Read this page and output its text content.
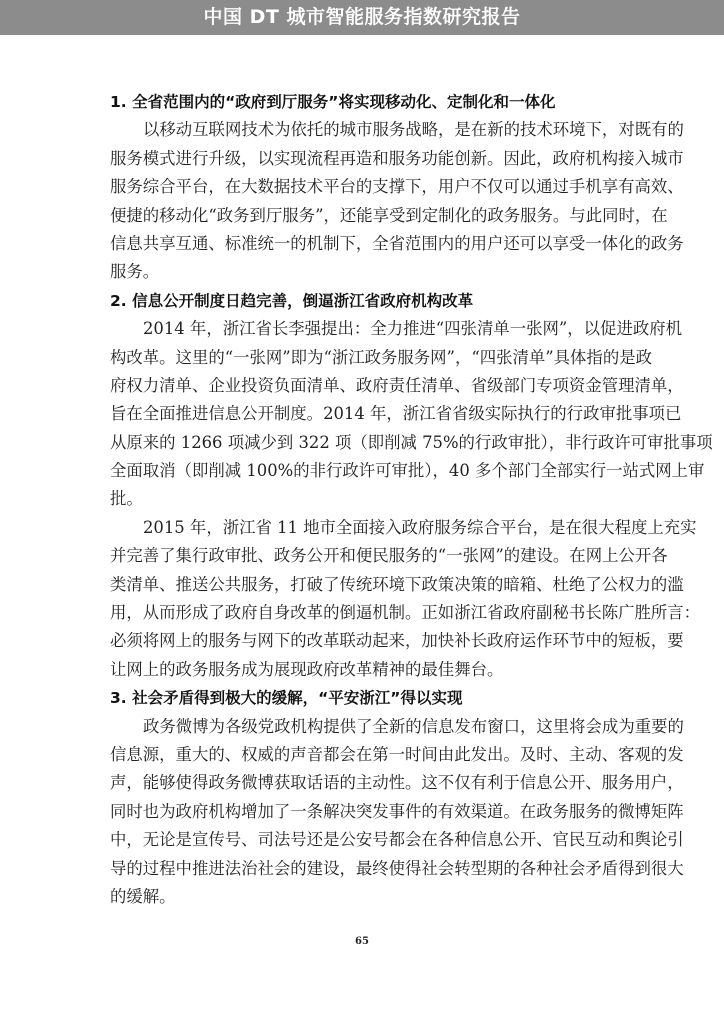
中国 DT 城市智能服务指数研究报告
1. 全省范围内的“政府到厅服务”将实现移动化、定制化和一体化
以移动互联网技术为依托的城市服务战略，是在新的技术环境下，对既有的
服务模式进行升级，以实现流程再造和服务功能创新。因此，政府机构接入城市
服务综合平台，在大数据技术平台的支撑下，用户不仅可以通过手机享有高效、
便捷的移动化“政务到厅服务”，还能享受到定制化的政务服务。与此同时，在
信息共享互通、标准统一的机制下，全省范围内的用户还可以享受一体化的政务
服务。
2. 信息公开制度日趋完善，倒逼浙江省政府机构改革
2014 年，浙江省长李强提出：全力推进“四张清单一张网”，以促进政府机
构改革。这里的“一张网”即为“浙江政务服务网”，“四张清单”具体指的是政
府权力清单、企业投资负面清单、政府责任清单、省级部门专项资金管理清单，
旨在全面推进信息公开制度。2014 年，浙江省省级实际执行的行政审批事项已
从原来的 1266 项减少到 322 项（即削减 75%的行政审批），非行政许可审批事项
全面取消（即削减 100%的非行政许可审批），40 多个部门全部实行一站式网上审
批。
2015 年，浙江省 11 地市全面接入政府服务综合平台，是在很大程度上充实
并完善了集行政审批、政务公开和便民服务的“一张网”的建设。在网上公开各
类清单、推送公共服务，打破了传统环境下政策决策的暗箱、杜绝了公权力的滥
用，从而形成了政府自身改革的倒逼机制。正如浙江省政府副秘书长陈广胜所言：
必须将网上的服务与网下的改革联动起来，加快补长政府运作环节中的短板，要
让网上的政务服务成为展现政府改革精神的最佳舞台。
3. 社会矛盾得到极大的缓解，“平安浙江”得以实现
政务微博为各级党政机构提供了全新的信息发布窗口，这里将会成为重要的
信息源，重大的、权威的声音都会在第一时间由此发出。及时、主动、客观的发
声，能够使得政务微博获取话语的主动性。这不仅有利于信息公开、服务用户，
同时也为政府机构增加了一条解决突发事件的有效渠道。在政务服务的微博矩阵
中，无论是宣传号、司法号还是公安号都会在各种信息公开、官民互动和舆论引
导的过程中推进法治社会的建设，最终使得社会转型期的各种社会矛盾得到很大
的缓解。
65
